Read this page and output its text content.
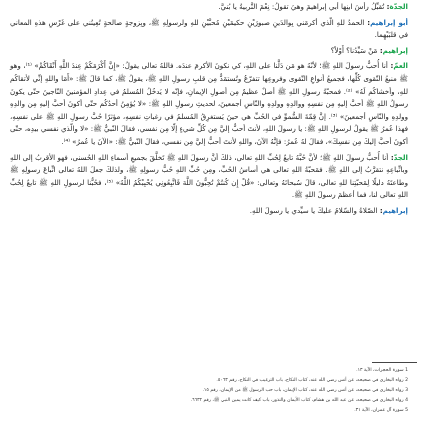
الجدّة: تُقبِّلُ رأسَ ابنِها أبي إبراهيمَ وهيَ تقولُ: نِعْمَ التَّربيةُ يا بُنيَّ.

أبو إبراهيم: الحمدُ للهِ الّذي أكرمَني بِوالدَينِ صبورَيْنِ حكيمَيْنِ مُحبَّيْنِ للهِ ولرسولِهِ ﷺ، وبِزوجةٍ صالحةٍ تُعِينُني على غَرْسِ هذهِ المعاني في قلبَيْهِما.

إبراهيم: مَنْ سَيِّدُنا؟ أَوْلاً؟

العمّ: أنا أُحبُّ رسولَ اللهِ ﷺ؛ لأنّهُ هو مَن دَلَّنا على اللهِ، كي نكونَ الأكرمَ عندَه. فاللهُ تعالى يقولُ: «إِنَّ أَكْرَمَكُمْ عِندَ اللَّهِ أَتْقَاكُمْ» ⁽¹⁾، وهو ﷺ منبعُ التّقوى كُلِّها، فجميعُ أنواعِ التّقوى وفروعِها تتفرّعُ وتُستمَدُّ مِن قلبِ رسولِ اللهِ ﷺ، يقولُ ﷺ، كما قالَ ﷺ: «أَمَا واللهِ إنِّي لأتقاكُم للهِ، وأخشاكُم لَهُ» ⁽²⁾. فمحبّةُ رسولِ اللهِ ﷺ أصلٌ عظيمٌ مِن أصولِ الإيمانِ، فإنّه لا يَدخُلُ المُسلمُ في عِدادِ المؤمنينَ النّاجينَ حتّى يكونَ رسولُ اللهِ ﷺ أحبَّ إليهِ مِن نفسِهِ ووالدِهِ وولدِهِ والنّاسِ أجمعينَ، لحديثِ رسولِ اللهِ ﷺ: «لا يُؤمِنُ أحدُكُم حتّى أكونَ أحبَّ إليهِ مِن والدِهِ وولدِهِ والنّاسِ أجمعينَ» ⁽³⁾. إنَّ قِمّةَ السُّموِّ في الحُبِّ هي حينَ يَستغرِقُ المُسلمُ في رغباتِ نفسِهِ، مؤثرًا حُبَّ رسولِ اللهِ ﷺ على نفسِهِ، فهذا عُمرُ ﷺ يقولُ لرسولِ اللهِ ﷺ: يا رسولَ اللهِ، لأنتَ أحبُّ إليَّ مِن كُلِّ شيءٍ إلّا مِن نفسي، فقالَ النّبيُّ ﷺ: «لا والّذي نفسي بيدِه، حتّى أكونَ أحبَّ إليكَ مِن نفسِكَ»، فقالَ لهُ عُمرُ: فإنَّهُ الآنَ، واللهِ لأنتَ أحبُّ إليَّ مِن نفسي، فقالَ النّبيُّ ﷺ: «الآنَ يا عُمرُ» ⁽⁴⁾.

الجدّ: أنا أُحبُّ رسولَ اللهِ ﷺ؛ لأنَّ حُبَّهُ تابعٌ لِحُبِّ اللهِ تعالى، ذلكَ أنَّ رسولَ اللهِ ﷺ تَخلَّقَ بجميعِ أسماءِ اللهِ الحُسنى، فهو الأقربُ إلى اللهِ وباتِّباعِهِ نتقرَّبُ إلى اللهِ ﷺ. فمَحبّةُ اللهِ تعالى هي أساسُ الحُبِّ، ومِن حُبِّ اللهِ حُبُّ رسولِهِ ﷺ، ولذلكَ جعلَ اللهُ تعالى اتِّباعَ رسولِهِ ﷺ وطاعتَهُ دليلًا لِمَحبّتِنا للهِ تعالى، قالَ سُبحانَهُ وتعالى: «قُلْ إِن كُنتُمْ تُحِبُّونَ اللَّهَ فَاتَّبِعُونِي يُحْبِبْكُمُ اللَّهُ» ⁽⁵⁾، فحُبُّنا لرسولِ اللهِ ﷺ تابعٌ لِحُبِّ اللهِ تعالى لنا، فما أعظمَ رسولَ اللهِ ﷺ.

إبراهيم: الصّلاةُ والسّلامُ عليكَ يا سيِّدي يا رسولَ اللهِ.

1 سورة الحجرات، الآية ١٣.
2 رواه البخاري في صحيحه، عن أنس رضي الله عنه، كتاب النكاح، باب الترغيب في النكاح، رقم ٥٠٦٣.
3 رواه البخاري في صحيحه، عن أنس رضي الله عنه، كتاب الإيمان، باب حب الرسول ﷺ من الإيمان، رقم ١٥.
4 رواه البخاري في صحيحه، عن عبد الله بن هشام، كتاب الأيمان والنذور، باب كيف كانت يمين النبي ﷺ، رقم ٦٦٣٢.
5 سورة آل عمران، الآية ٣١.
